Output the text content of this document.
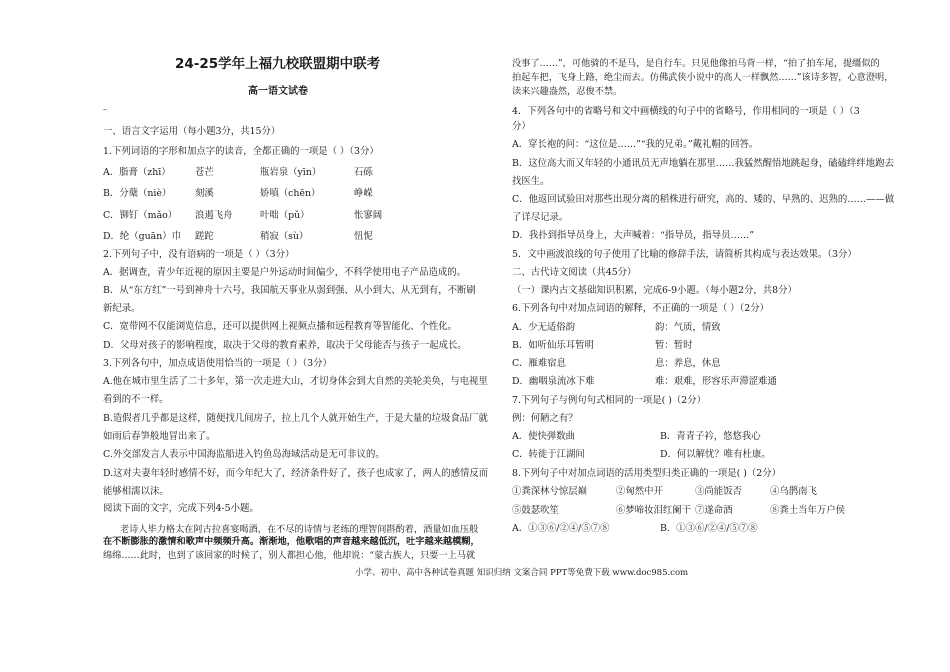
24-25学年上福九校联盟期中联考
高一语文试卷
–
一、语言文字运用（每小题3分，共15分）
1.下列词语的字形和加点字的读音，全都正确的一项是（ ）（3分）
A．脂膏（zhī）	苍芒	瓶岩泉（yīn）	石砾
B．分蘖（niè）	刻溪	娇嗔（chēn）	峥嵘
C．铆钉（mǎo） 浪遏飞舟	叶咄（pǔ）	怅寥阔
D．纶（guān）巾 蹉跎	稍寂（sù）	忸怩
2.下列句子中，没有语病的一项是（ ）（3分）
A．据调查，青少年近视的原因主要是户外运动时间偏少，不科学使用电子产品造成的。
B．从“东方红”一号到神舟十六号，我国航天事业从弱到强、从小到大、从无到有，不断刷
新纪录。
C．宽带网不仅能浏览信息，还可以提供网上视频点播和远程教育等智能化、个性化。
D．父母对孩子的影响程度，取决于父母的教育素养，取决于父母能否与孩子一起成长。
3.下列各句中，加点成语使用恰当的一项是（ ）（3分）
A.他在城市里生活了二十多年，第一次走进大山，才切身体会到大自然的美轮美奂，与电视里
看到的不一样。
B.造假者几乎都是这样，随便找几间房子，拉上几个人就开始生产，于是大量的垃圾食品厂就
如雨后春笋般地冒出来了。
C.外交部发言人表示中国海监船进入钓鱼岛海域活动是无可非议的。
D.这对夫妻年轻时感情不好，而今年纪大了，经济条件好了，孩子也成家了，两人的感情反而
能够相濡以沫。
阅读下面的文字，完成下列4-5小题。
老诗人毕力格太在阿古拉喜宴喝酒，在不尽的诗情与老练的理智间斟酌着，酒量如血压般
在不断膨胀的激情和歌声中频频升高。渐渐地，他歌唱的声音越来越低沉，吐字越来越模糊，
绵绵……此时，也到了该回家的时候了，别人都担心他，他却说：“蒙古族人，只要一上马就
没事了……”，可他骑的不是马，是自行车。只见他像拍马背一样，“拍了拍车尾，提缰似的
拍起车把，飞身上路，绝尘而去。仿佛武侠小说中的高人一样飘然……”该诗多智，心意澄明，
读来兴趣盎然，忍俊不禁。
4．下列各句中的省略号和文中画横线的句子中的省略号，作用相同的一项是（ ）（3
分）
A．穿长袍的问：“这位是……”“我的兄弟。”戴礼帽的回答。
B．这位高大而又年轻的小通讯员无声地躺在那里……我猛然醒悟地跳起身，磕磕绊绊地跑去
找医生。
C．他返回试验田对那些出现分离的稻株进行研究，高的、矮的、早熟的、迟熟的……——做
了详尽记录。
D．我扑到指导员身上，大声喊着：“指导员，指导员……”
5．文中画波浪线的句子使用了比喻的修辞手法，请简析其构成与表达效果。（3分）
二、古代诗文阅读（共45分）
（一）课内古文基础知识积累，完成6-9小题。（每小题2分，共8分）
6.下列各句中对加点词语的解释，不正确的一项是（ ）（2分）
A．少无适俗韵	韵：气质，情致
B．如听仙乐耳暂明	暂：暂时
C．雁难宿息	息：养息，休息
D．幽咽泉流冰下难	难：艰难，形容乐声滞涩难通
7.下列句子与例句句式相同的一项是( )（2分）
例：何陋之有？
A．使快弹数曲	B．青青子衿，悠悠我心
C．转徙于江湖间	D．何以解忧？唯有杜康。
8.下列句子中对加点词语的活用类型归类正确的一项是( )（2分）
①粪深林兮惊层巅	②匈然中开	③尚能饭否	④乌鹊南飞
⑤鼓瑟吹笙	⑥梦啼妆泪红阑干 ⑦遂命酒	⑧粪土当年万户侯
A．①③⑥/②④/⑤⑦⑧	B．①③⑥/②④/⑤⑦⑧
小学、初中、高中各种试卷真题 知识归纳 文案合同 PPT等免费下载 www.doc985.com
